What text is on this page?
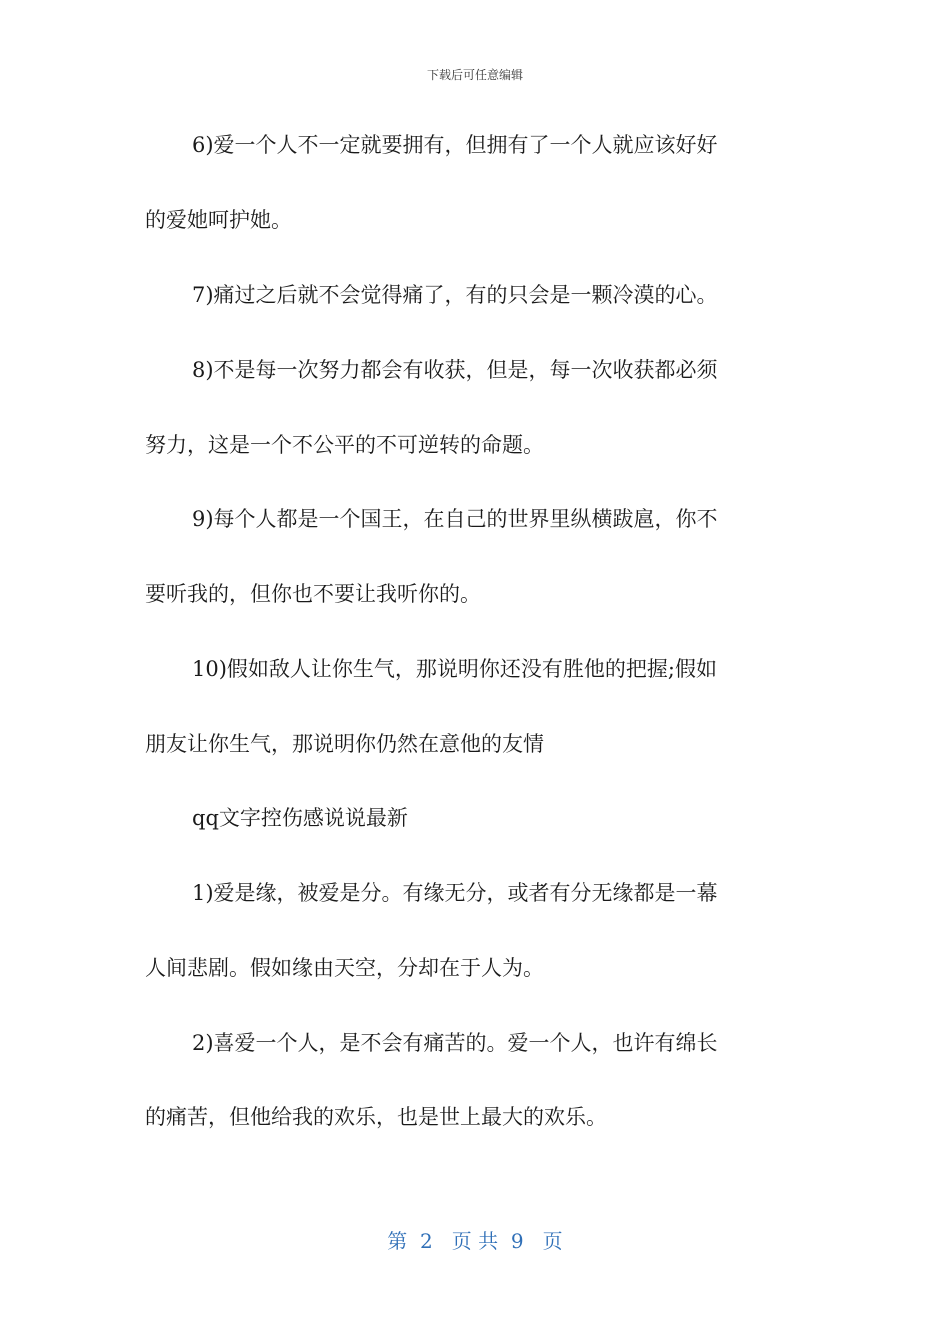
下载后可任意编辑
6)爱一个人不一定就要拥有，但拥有了一个人就应该好好
的爱她呵护她。
7)痛过之后就不会觉得痛了，有的只会是一颗冷漠的心。
8)不是每一次努力都会有收获，但是，每一次收获都必须
努力，这是一个不公平的不可逆转的命题。
9)每个人都是一个国王，在自己的世界里纵横跋扈，你不
要听我的，但你也不要让我听你的。
10)假如敌人让你生气，那说明你还没有胜他的把握;假如
朋友让你生气，那说明你仍然在意他的友情
qq文字控伤感说说最新
1)爱是缘，被爱是分。有缘无分，或者有分无缘都是一幕
人间悲剧。假如缘由天空，分却在于人为。
2)喜爱一个人，是不会有痛苦的。爱一个人，也许有绵长
的痛苦，但他给我的欢乐，也是世上最大的欢乐。
第  2   页 共  9   页
